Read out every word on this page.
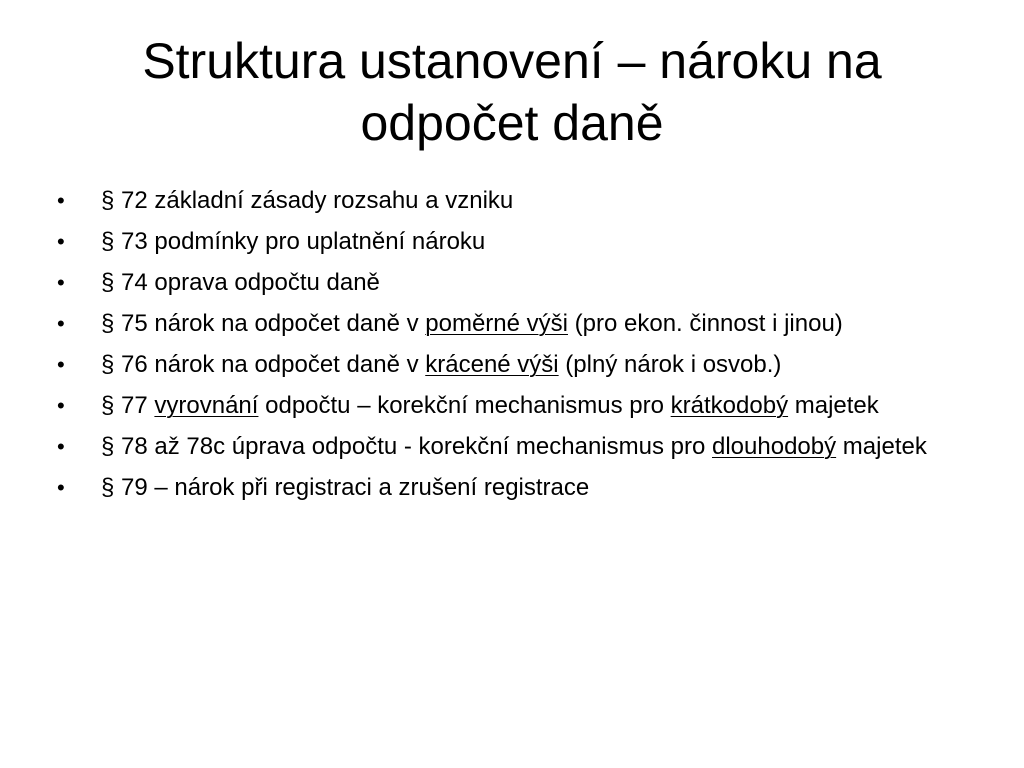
Struktura ustanovení – nároku na odpočet daně
•	§ 72 základní zásady rozsahu a vzniku
•	§ 73 podmínky pro uplatnění nároku
•	§ 74 oprava odpočtu daně
•	§ 75 nárok na odpočet daně v poměrné výši (pro ekon. činnost i jinou)
•	§ 76 nárok na odpočet daně v krácené výši (plný nárok i osvob.)
•	§ 77 vyrovnání odpočtu – korekční mechanismus pro krátkodobý majetek
•	§ 78 až 78c úprava odpočtu - korekční mechanismus pro dlouhodobý majetek
•	§ 79 – nárok při registraci a zrušení registrace
